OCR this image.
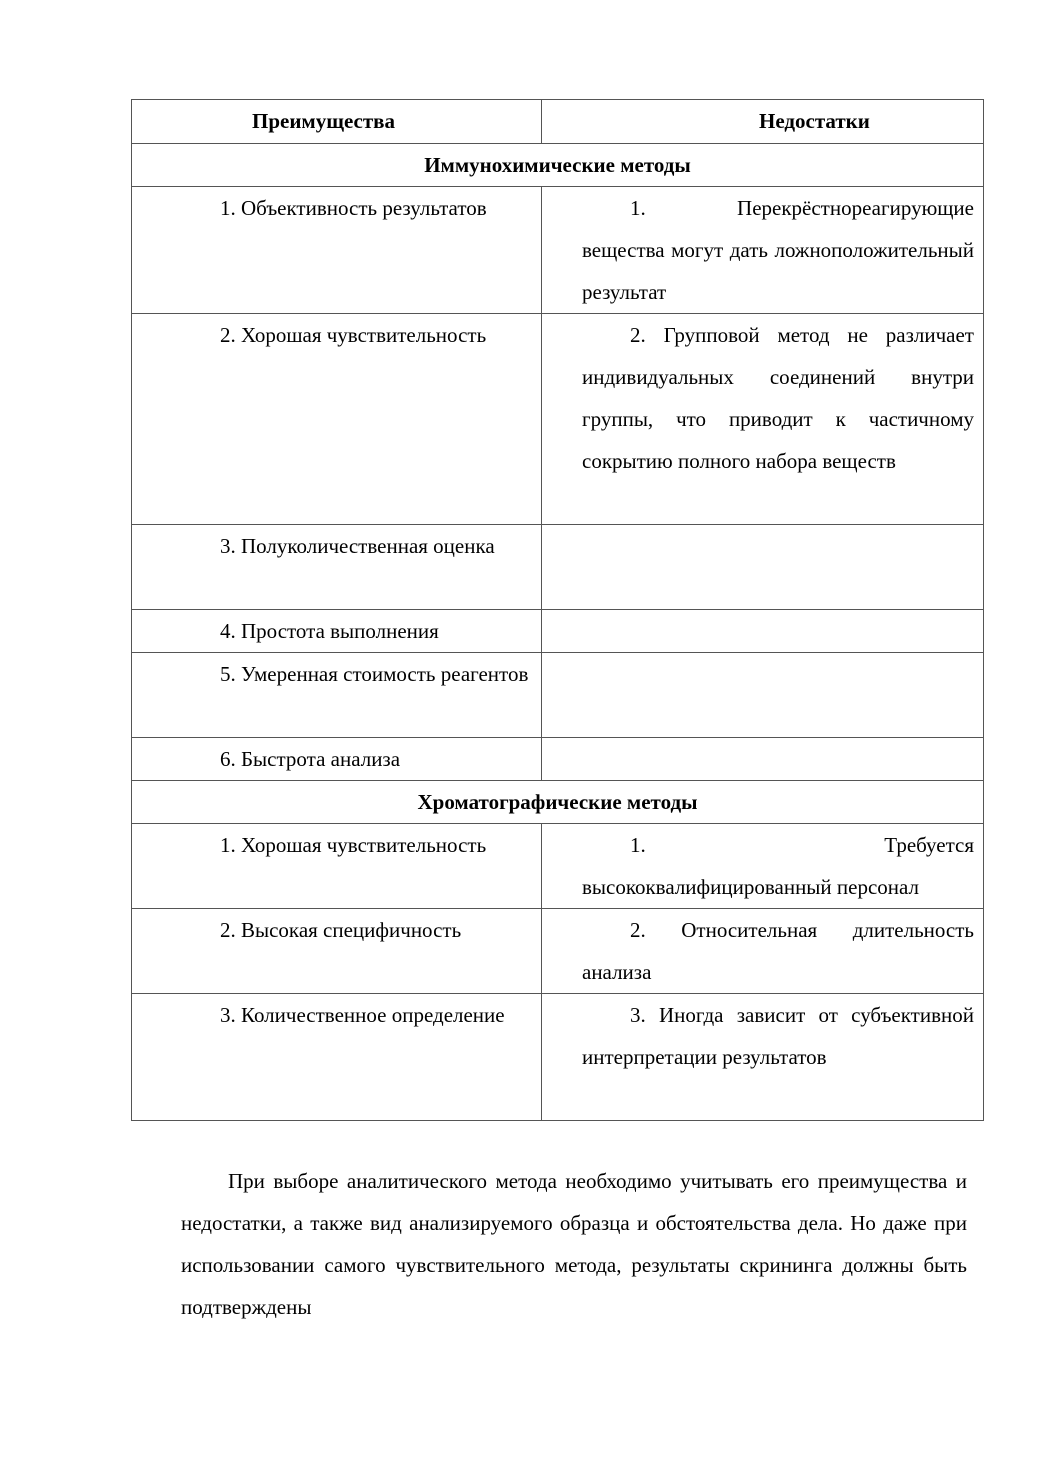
Преимущества	Недостатки
Иммунохимические методы	

1. Объективность результатов	1. Перекрёстнореагирующие вещества могут дать ложноположительный результат

2. Хорошая чувствительность	2. Групповой метод не различает индивидуальных соединений внутри группы, что приводит к частичному сокрытию полного набора веществ

3. Полуколичественная оценка	

4. Простота выполнения	

5. Умеренная стоимость реагентов	

6. Быстрота анализа	

Хроматографические методы	

1. Хорошая чувствительность	1. Требуется высококвалифицированный персонал

2. Высокая специфичность	2. Относительная длительность анализа

3. Количественное определение	3. Иногда зависит от субъективной интерпретации результатов

При выборе аналитического метода необходимо учитывать его преимущества и недостатки, а также вид анализируемого образца и обстоятельства дела. Но даже при использовании самого чувствительного метода, результаты скрининга должны быть подтверждены
